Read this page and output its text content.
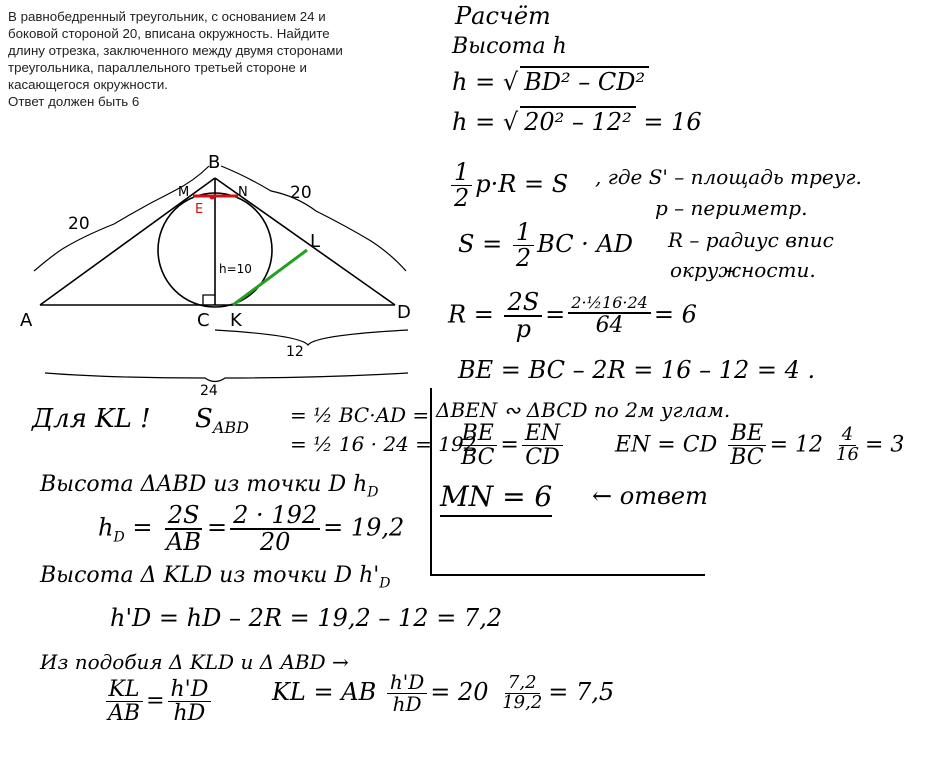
В равнобедренный треугольник, с основанием 24 и
боковой стороной 20, вписана окружность. Найдите
длину отрезка, заключенного между двумя сторонами
треугольника, параллельного третьей стороне и
касающегося окружности.
Ответ должен быть 6
B
A	C K	D
L
M	N
E
20
20
h=10
12
24
Расчёт
Высота h
h = √ BD² – CD²
h = √ 20² – 12² = 16
$\frac{1}{2} p\cdot R = S$ , где S' – площадь треуг.
p – периметр.
$S = \frac{1}{2}$ BC · AD R – радиус впис
окружности.
$R = \frac{2S}{p} = \frac{\text{2·½16·24}}{64} = 6$
BE = BC – 2R = 16 – 12 = 4 .
ΔBEN ∾ ΔBCD по 2м углам.
$\frac{BE}{BC} = \frac{EN}{CD}$ EN = CD $\frac{BE}{BC} = 12 \frac{4}{16} = 3$
MN = 6 ← ответ
Для KL ! $S_{ABD}$
= ½ BC·AD =
= ½ 16 · 24 = 192
Высота ΔABD из точки D $h_D$
$h_D = \frac{2S}{AB} = \frac{2 \cdot 192}{20} = 19,2$
Высота Δ KLD из точки D $h'_D$
h'D = hD – 2R = 19,2 – 12 = 7,2
Из подобия Δ KLD и Δ ABD →
$\frac{KL}{AB} = \frac{h'D}{hD}$	KL = AB $\frac{h'D}{hD} = 20 \frac{7,2}{19,2} = 7,5$
